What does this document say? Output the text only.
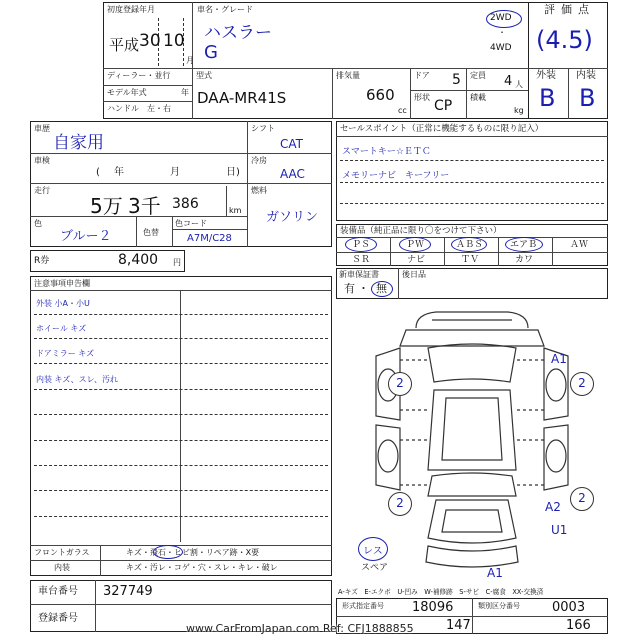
初度登録年月
平成 30 10
月
車名・グレード
ハスラー
G
2WD
・
4WD
評価点
(4.5)
ディーラー・並行
モデル年式	年
ハンドル　左・右
型式
DAA-MR41S
排気量
660
cc
ドア 5 定員 4 人
形状
CP
積載
kg
外装 内装
B B
車歴
自家用
車検
( 年	月	日)
走行
5万 3千 386	km
色
ブルー２	色替
色コード
A7M/C28
シフト
CAT
冷房
AAC
燃料
ガソリン
R券	8,400 円
セールスポイント（正常に機能するものに限り記入）
スマートキー☆ＥＴＣ
メモリーナビ　キーフリー
装備品（純正品に限り〇をつけて下さい）
ＰＳ	ＰＷ	ＡＢＳ	エアＢ	ＡＷ
ＳＲ	ナビ	ＴＶ	カワ
新車保証書
有 ・ 無
後日品
注意事項申告欄
外装 小A・小U
ホイール キズ
ドアミラー キズ
内装 キズ、スレ、汚れ
フロントガラス	キズ・飛石・ヒビ割・リペア跡・X要
内装	キズ・汚レ・コゲ・穴・スレ・キレ・破レ
車台番号 327749
登録番号
2	2
2	2
A1
A2
U1
A1
レス
スペア
A-キズ　E-エクボ　U-凹み　W-補修跡　S-サビ　C-腐食　XX-交換済
形式指定番号 18096	類別区分番号 0003
147	166
www.CarFromJapan.com Ref: CFJ1888855
